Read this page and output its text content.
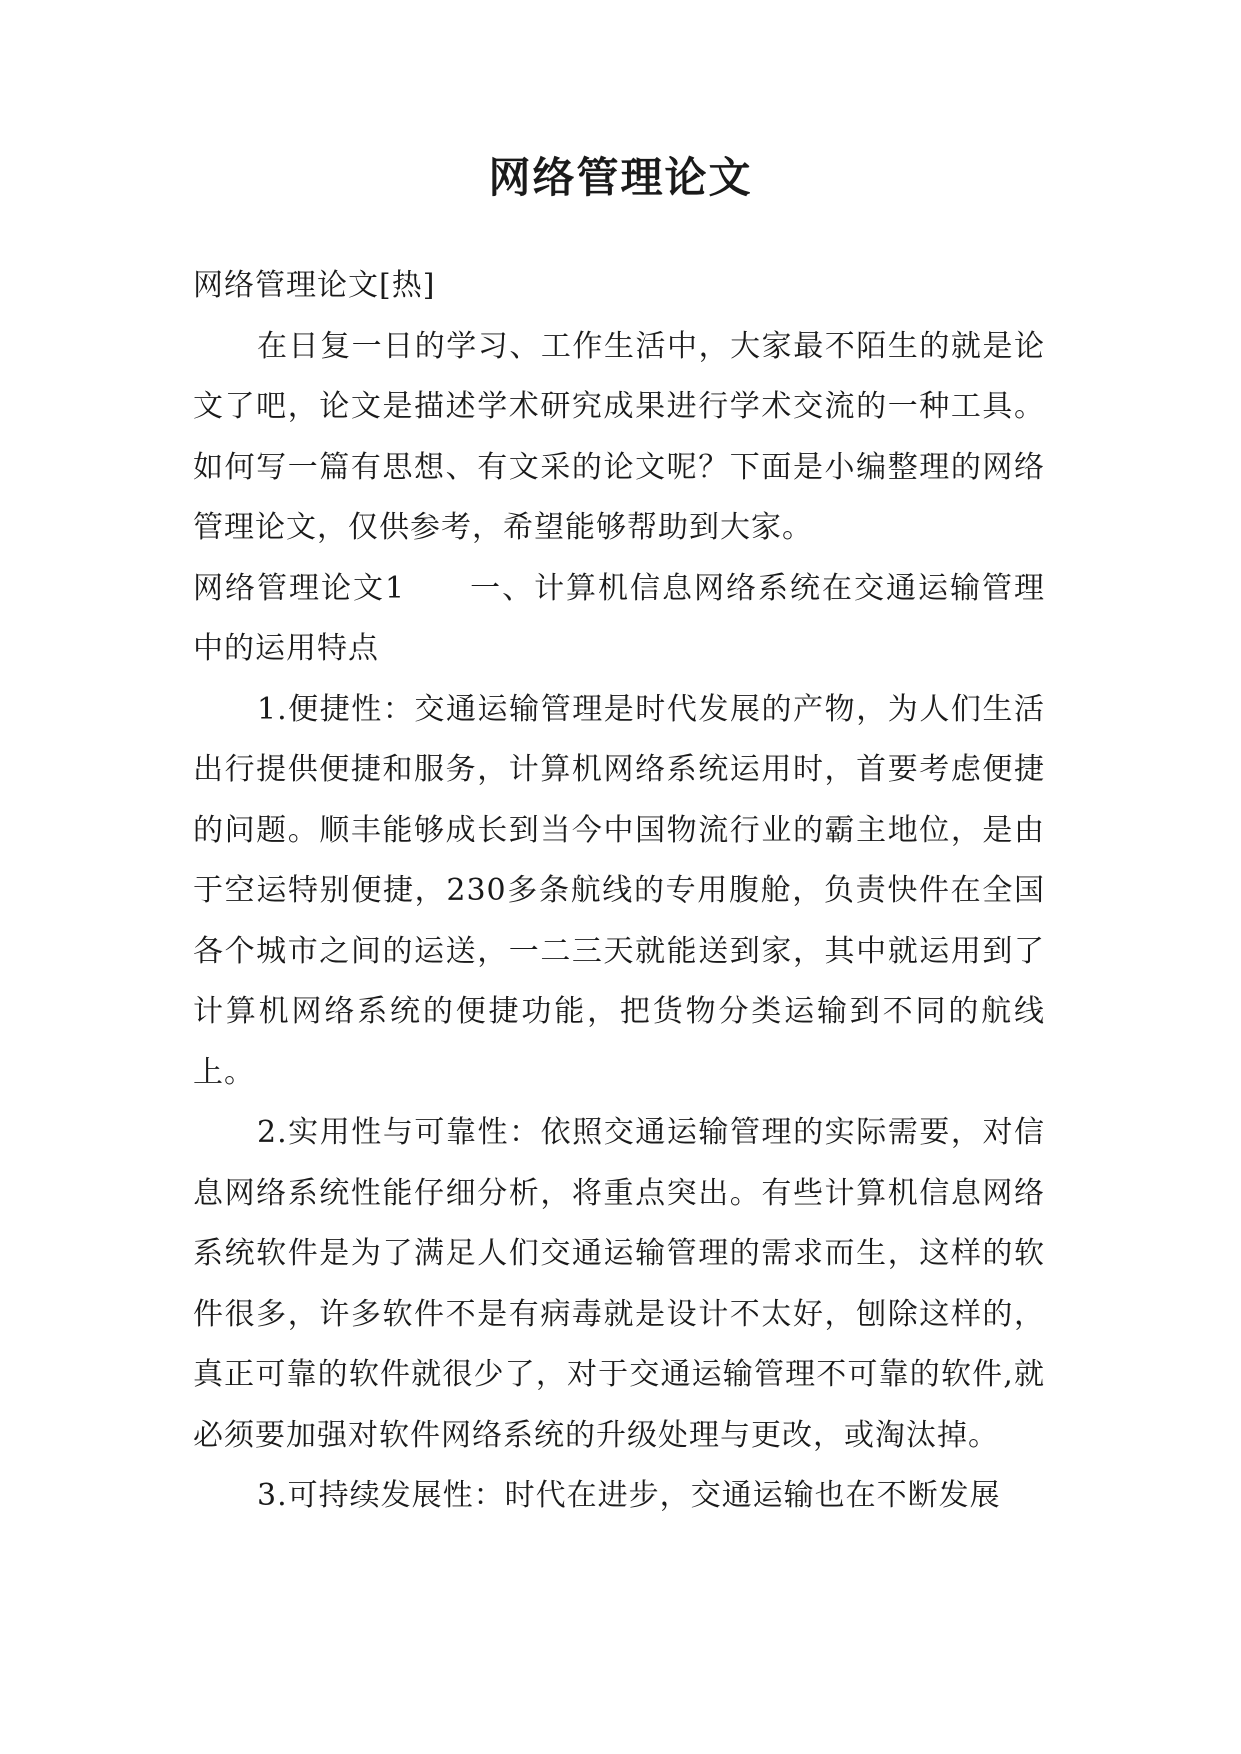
网络管理论文

网络管理论文[热]

在日复一日的学习、工作生活中，大家最不陌生的就是论文了吧，论文是描述学术研究成果进行学术交流的一种工具。如何写一篇有思想、有文采的论文呢？下面是小编整理的网络管理论文，仅供参考，希望能够帮助到大家。

网络管理论文1 一、计算机信息网络系统在交通运输管理中的运用特点

1.便捷性：交通运输管理是时代发展的产物，为人们生活出行提供便捷和服务，计算机网络系统运用时，首要考虑便捷的问题。顺丰能够成长到当今中国物流行业的霸主地位，是由于空运特别便捷，230多条航线的专用腹舱，负责快件在全国各个城市之间的运送，一二三天就能送到家，其中就运用到了计算机网络系统的便捷功能，把货物分类运输到不同的航线上。

2.实用性与可靠性：依照交通运输管理的实际需要，对信息网络系统性能仔细分析，将重点突出。有些计算机信息网络系统软件是为了满足人们交通运输管理的需求而生，这样的软件很多，许多软件不是有病毒就是设计不太好，刨除这样的，真正可靠的软件就很少了，对于交通运输管理不可靠的软件,就必须要加强对软件网络系统的升级处理与更改，或淘汰掉。

3.可持续发展性：时代在进步，交通运输也在不断发展
